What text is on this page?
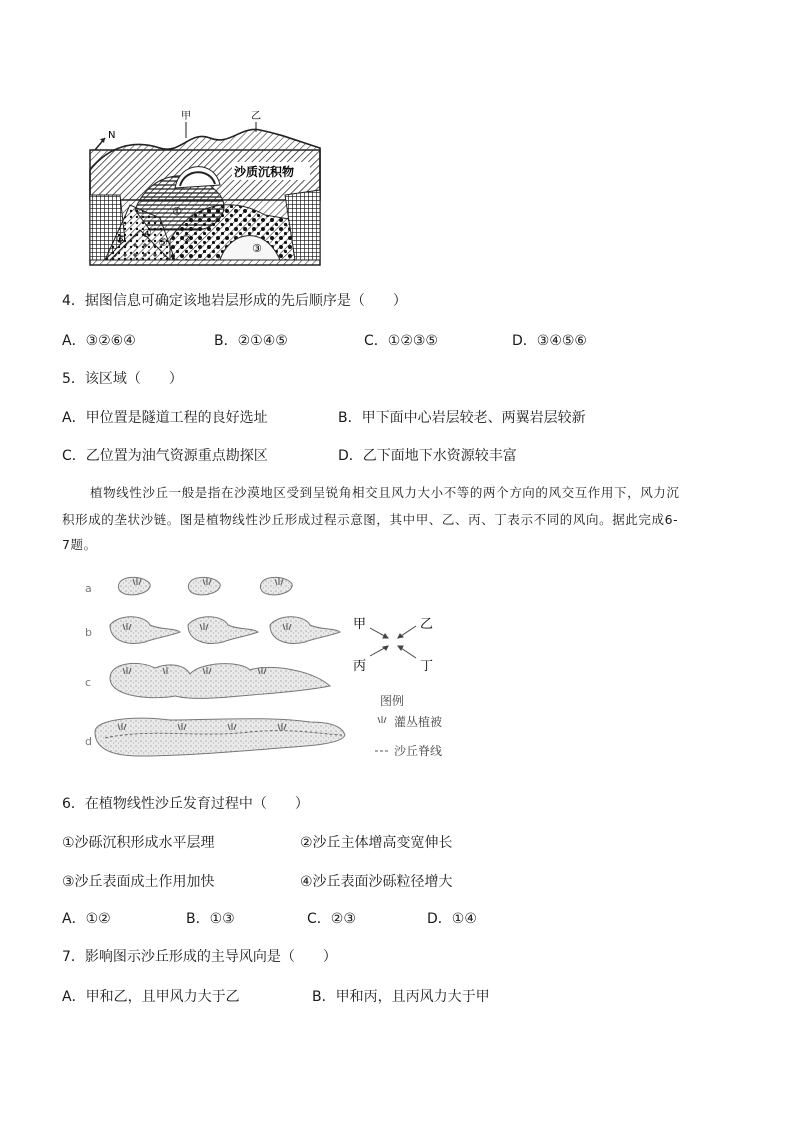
N
甲	乙
沙质沉积物
①
②
③
④
⑤
⑥
4．据图信息可确定该地岩层形成的先后顺序是（　　）
A．③②⑥④	B．②①④⑤	C．①②③⑤	D．③④⑤⑥
5．该区域（　　）
A．甲位置是隧道工程的良好选址	B．甲下面中心岩层较老、两翼岩层较新
C．乙位置为油气资源重点勘探区	D．乙下面地下水资源较丰富
植物线性沙丘一般是指在沙漠地区受到呈锐角相交且风力大小不等的两个方向的风交互作用下，风力沉
积形成的垄状沙链。图是植物线性沙丘形成过程示意图，其中甲、乙、丙、丁表示不同的风向。据此完成6-
7题。
a
b
c
d
甲	乙
丙	丁
图例
灌丛植被
沙丘脊线
6．在植物线性沙丘发育过程中（　　）
①沙砾沉积形成水平层理	②沙丘主体增高变宽伸长
③沙丘表面成土作用加快	④沙丘表面沙砾粒径增大
A．①②	B．①③	C．②③	D．①④
7．影响图示沙丘形成的主导风向是（　　）
A．甲和乙，且甲风力大于乙	B．甲和丙，且丙风力大于甲
